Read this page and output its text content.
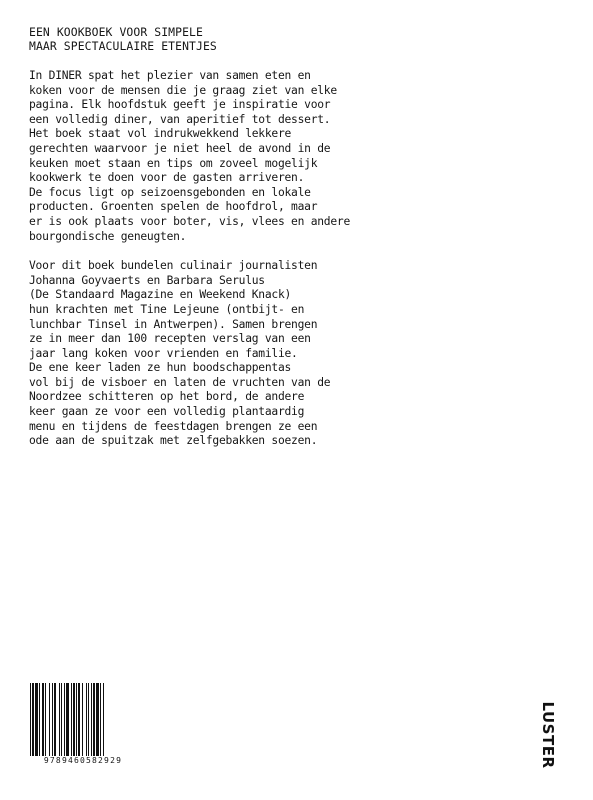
EEN KOOKBOEK VOOR SIMPELE
MAAR SPECTACULAIRE ETENTJES
In DINER spat het plezier van samen eten en
koken voor de mensen die je graag ziet van elke
pagina. Elk hoofdstuk geeft je inspiratie voor
een volledig diner, van aperitief tot dessert.
Het boek staat vol indrukwekkend lekkere
gerechten waarvoor je niet heel de avond in de
keuken moet staan en tips om zoveel mogelijk
kookwerk te doen voor de gasten arriveren.
De focus ligt op seizoensgebonden en lokale
producten. Groenten spelen de hoofdrol, maar
er is ook plaats voor boter, vis, vlees en andere
bourgondische geneugten.
Voor dit boek bundelen culinair journalisten
Johanna Goyvaerts en Barbara Serulus
(De Standaard Magazine en Weekend Knack)
hun krachten met Tine Lejeune (ontbijt- en
lunchbar Tinsel in Antwerpen). Samen brengen
ze in meer dan 100 recepten verslag van een
jaar lang koken voor vrienden en familie.
De ene keer laden ze hun boodschappentas
vol bij de visboer en laten de vruchten van de
Noordzee schitteren op het bord, de andere
keer gaan ze voor een volledig plantaardig
menu en tijdens de feestdagen brengen ze een
ode aan de spuitzak met zelfgebakken soezen.
9789460582929	LUSTER
